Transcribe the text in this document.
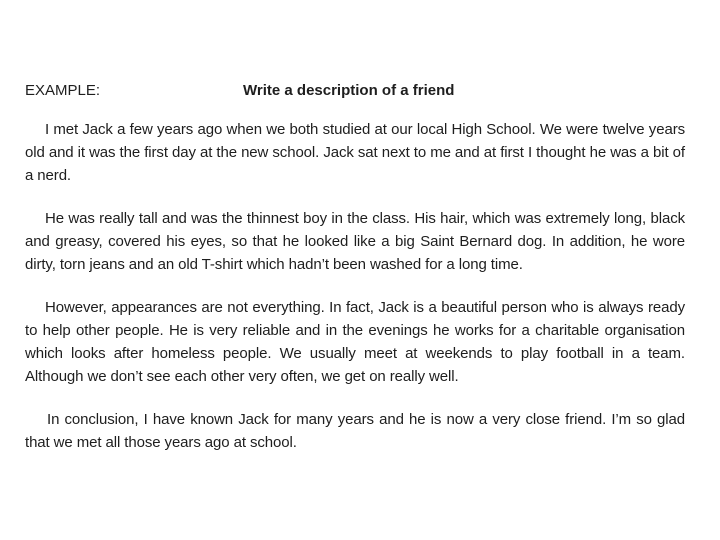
EXAMPLE:	Write a description of a friend

I met Jack a few years ago when we both studied at our local High School. We were twelve years old and it was the first day at the new school. Jack sat next to me and at first I thought he was a bit of a nerd.

He was really tall and was the thinnest boy in the class. His hair, which was extremely long, black and greasy, covered his eyes, so that he looked like a big Saint Bernard dog. In addition, he wore dirty, torn jeans and an old T-shirt which hadn’t been washed for a long time.

However, appearances are not everything. In fact, Jack is a beautiful person who is always ready to help other people. He is very reliable and in the evenings he works for a charitable organisation which looks after homeless people. We usually meet at weekends to play football in a team. Although we don’t see each other very often, we get on really well.

In conclusion, I have known Jack for many years and he is now a very close friend. I’m so glad that we met all those years ago at school.
